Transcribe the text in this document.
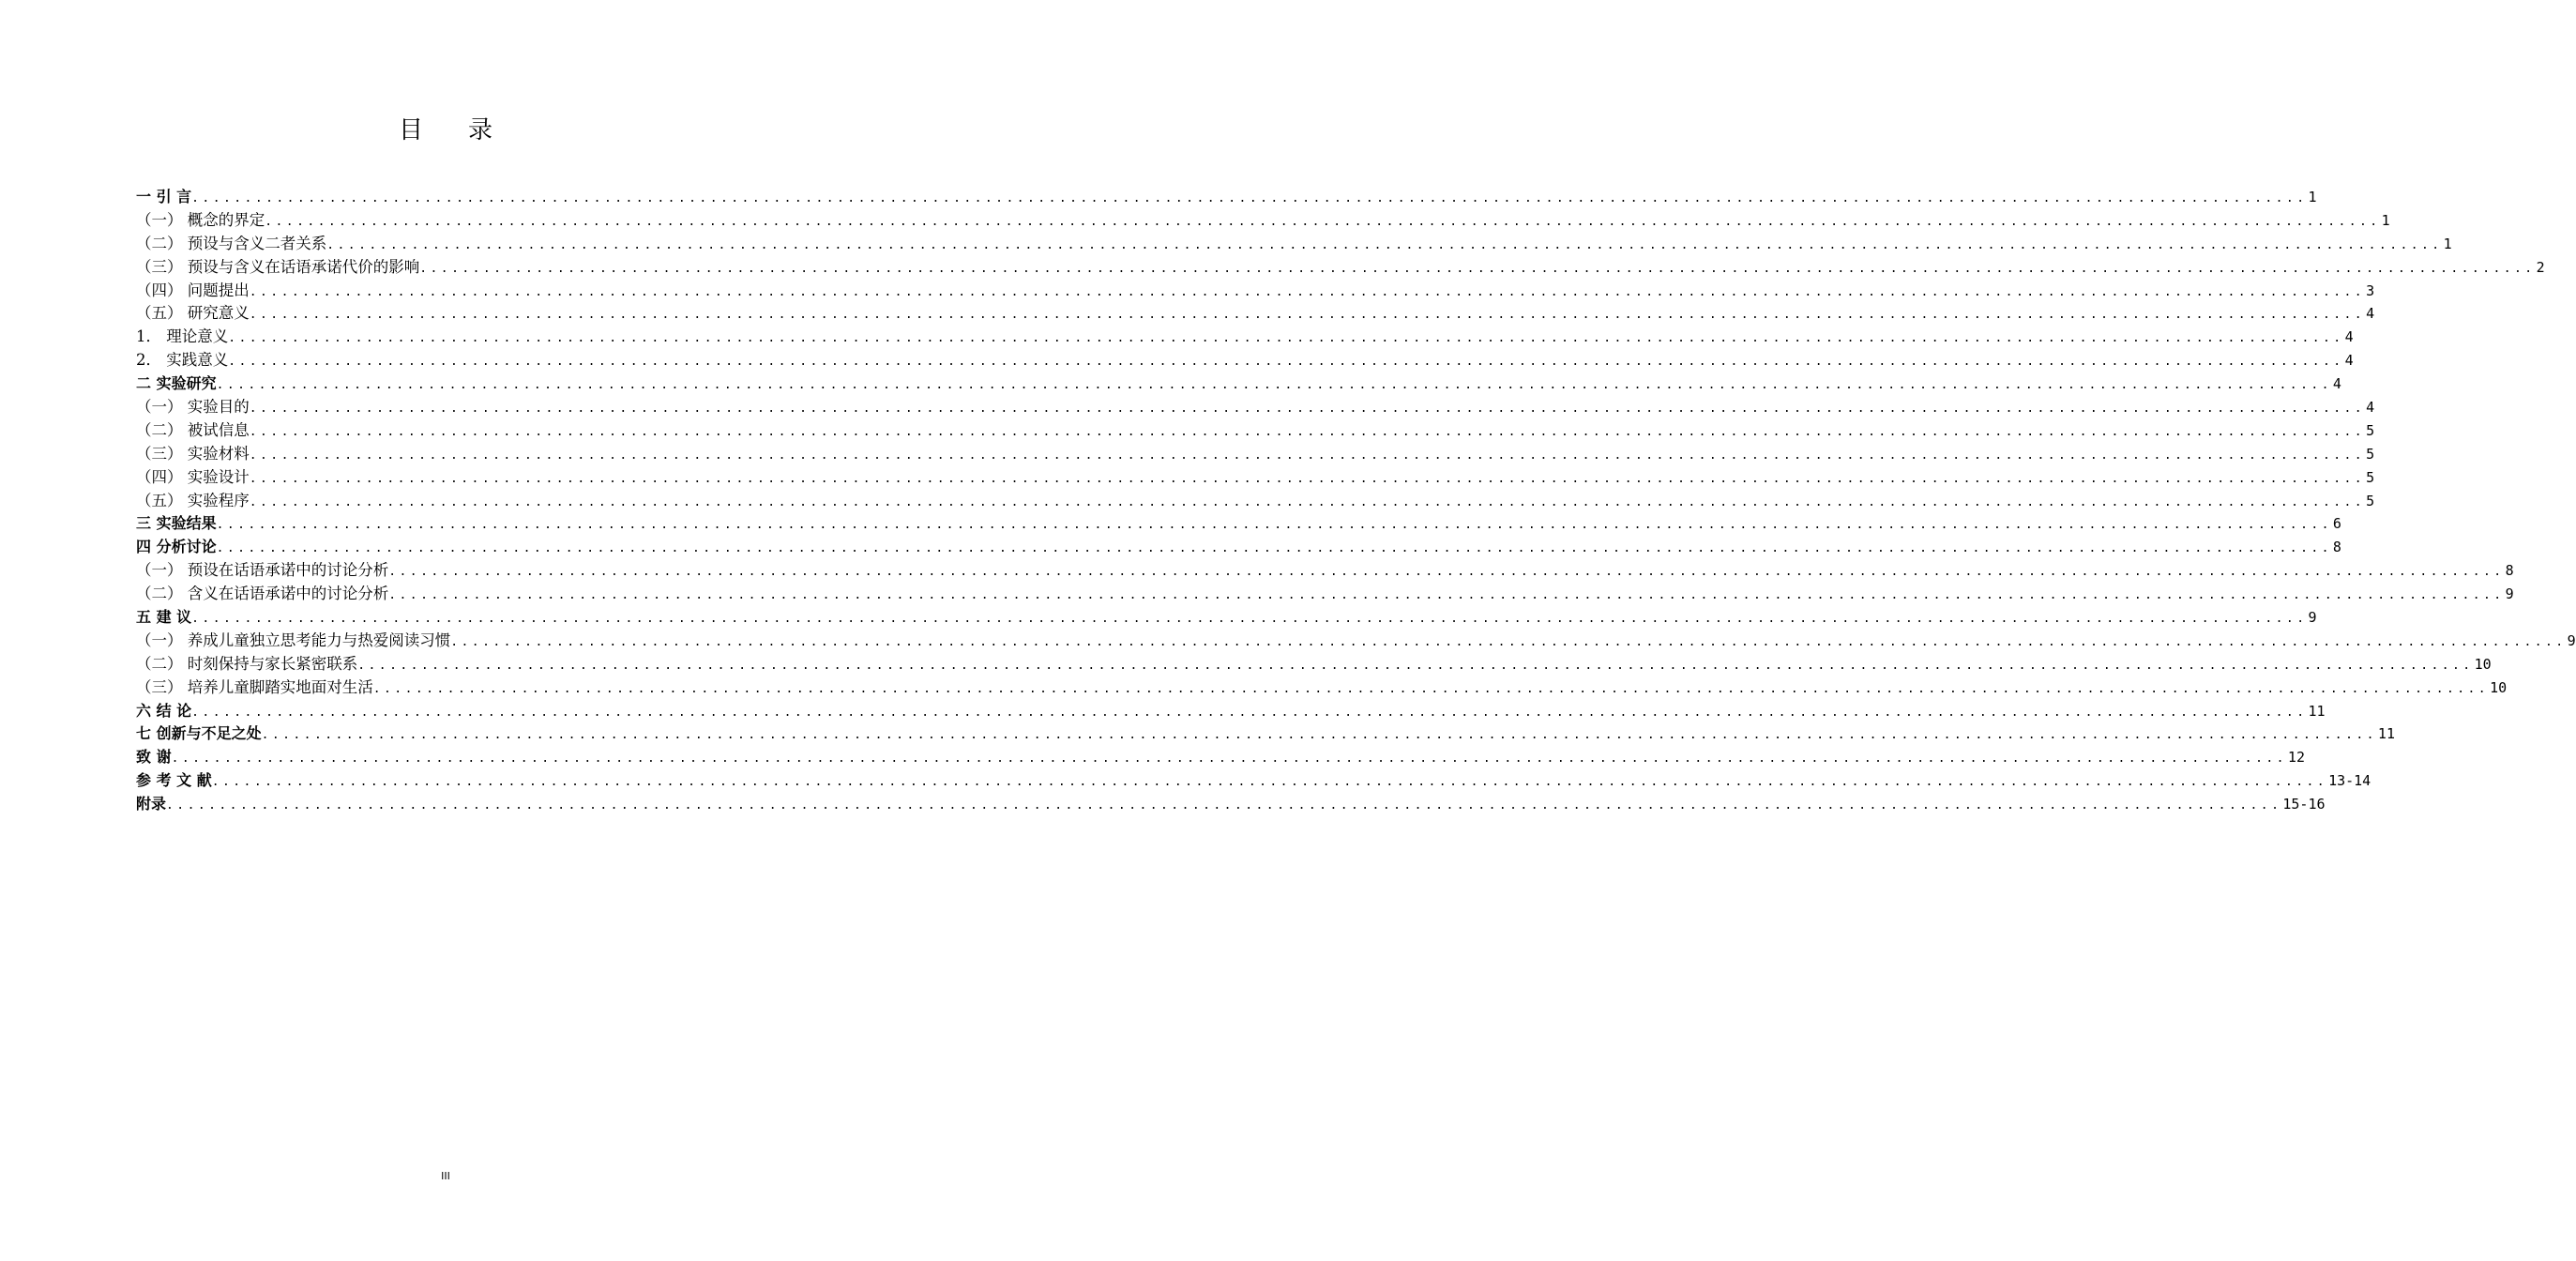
目 录
一 引 言 ........................................................................................................................................................................................................ 1
（一） 概念的界定 ........................................................................................................................................................................................................ 1
（二） 预设与含义二者关系 ........................................................................................................................................................................................................ 1
（三） 预设与含义在话语承诺代价的影响 ........................................................................................................................................................................................................ 2
（四） 问题提出 ........................................................................................................................................................................................................ 3
（五） 研究意义 ........................................................................................................................................................................................................ 4
1． 理论意义 ........................................................................................................................................................................................................ 4
2． 实践意义 ........................................................................................................................................................................................................ 4
二 实验研究 ........................................................................................................................................................................................................ 4
（一） 实验目的 ........................................................................................................................................................................................................ 4
（二） 被试信息 ........................................................................................................................................................................................................ 5
（三） 实验材料 ........................................................................................................................................................................................................ 5
（四） 实验设计 ........................................................................................................................................................................................................ 5
（五） 实验程序 ........................................................................................................................................................................................................ 5
三 实验结果 ........................................................................................................................................................................................................ 6
四 分析讨论 ........................................................................................................................................................................................................ 8
（一） 预设在话语承诺中的讨论分析 ........................................................................................................................................................................................................ 8
（二） 含义在话语承诺中的讨论分析 ........................................................................................................................................................................................................ 9
五 建 议 ........................................................................................................................................................................................................ 9
（一） 养成儿童独立思考能力与热爱阅读习惯 ........................................................................................................................................................................................................ 9
（二） 时刻保持与家长紧密联系 ........................................................................................................................................................................................................ 10
（三） 培养儿童脚踏实地面对生活 ........................................................................................................................................................................................................ 10
六 结 论 ........................................................................................................................................................................................................ 11
七 创新与不足之处 ........................................................................................................................................................................................................ 11
致 谢 ........................................................................................................................................................................................................ 12
参 考 文 献 ........................................................................................................................................................................................................ 13-14
附录 ........................................................................................................................................................................................................ 15-16
III
